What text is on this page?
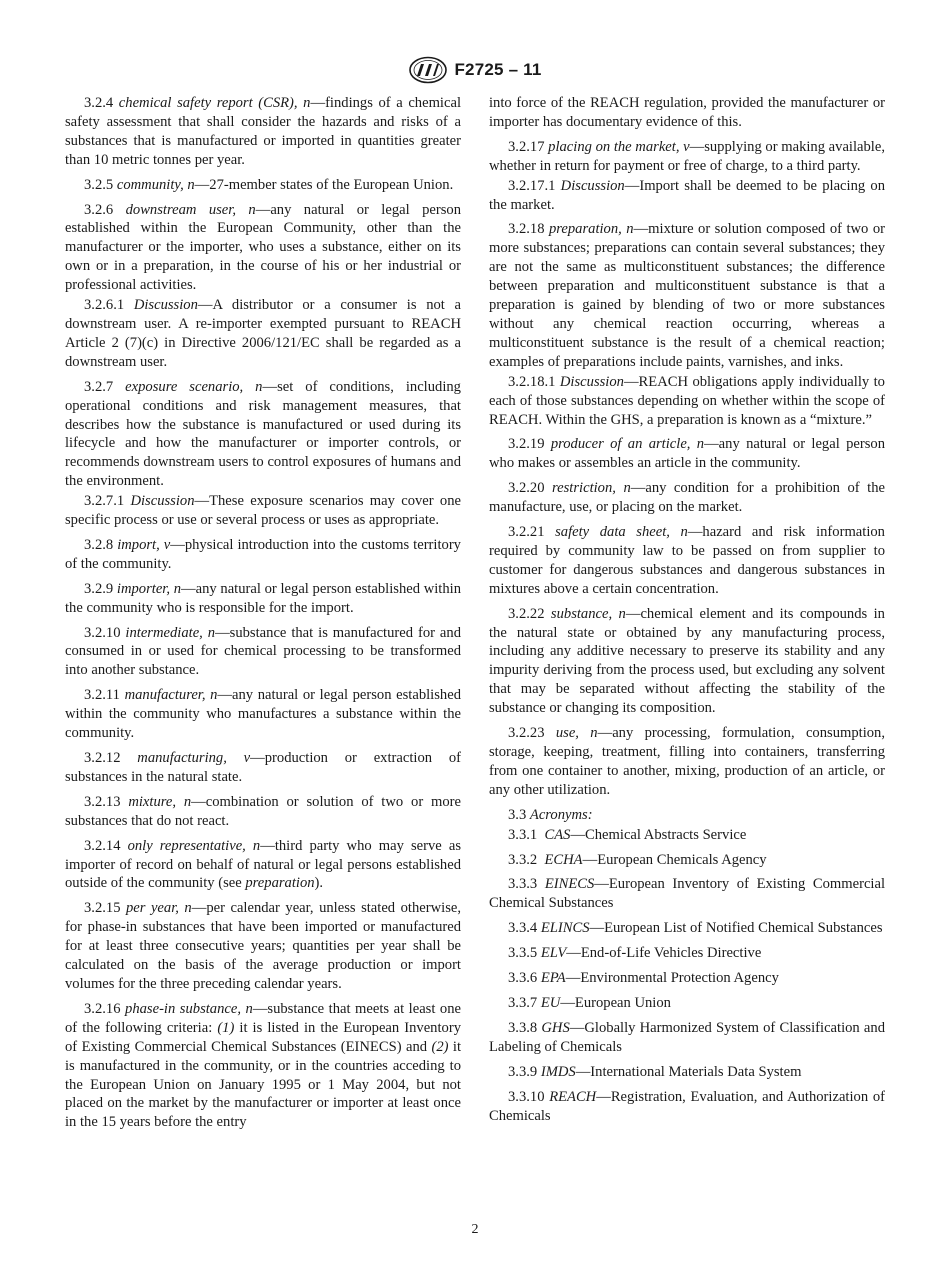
F2725 – 11

3.2.4 chemical safety report (CSR), n—findings of a chemical safety assessment that shall consider the hazards and risks of a substances that is manufactured or imported in quantities greater than 10 metric tonnes per year.

3.2.5 community, n—27-member states of the European Union.

3.2.6 downstream user, n—any natural or legal person established within the European Community, other than the manufacturer or the importer, who uses a substance, either on its own or in a preparation, in the course of his or her industrial or professional activities.

3.2.6.1 Discussion—A distributor or a consumer is not a downstream user. A re-importer exempted pursuant to REACH Article 2 (7)(c) in Directive 2006/121/EC shall be regarded as a downstream user.

3.2.7 exposure scenario, n—set of conditions, including operational conditions and risk management measures, that describes how the substance is manufactured or used during its lifecycle and how the manufacturer or importer controls, or recommends downstream users to control exposures of humans and the environment.

3.2.7.1 Discussion—These exposure scenarios may cover one specific process or use or several process or uses as appropriate.

3.2.8 import, v—physical introduction into the customs territory of the community.

3.2.9 importer, n—any natural or legal person established within the community who is responsible for the import.

3.2.10 intermediate, n—substance that is manufactured for and consumed in or used for chemical processing to be transformed into another substance.

3.2.11 manufacturer, n—any natural or legal person established within the community who manufactures a substance within the community.

3.2.12 manufacturing, v—production or extraction of substances in the natural state.

3.2.13 mixture, n—combination or solution of two or more substances that do not react.

3.2.14 only representative, n—third party who may serve as importer of record on behalf of natural or legal persons established outside of the community (see preparation).

3.2.15 per year, n—per calendar year, unless stated otherwise, for phase-in substances that have been imported or manufactured for at least three consecutive years; quantities per year shall be calculated on the basis of the average production or import volumes for the three preceding calendar years.

3.2.16 phase-in substance, n—substance that meets at least one of the following criteria: (1) it is listed in the European Inventory of Existing Commercial Chemical Substances (EINECS) and (2) it is manufactured in the community, or in the countries acceding to the European Union on January 1995 or 1 May 2004, but not placed on the market by the manufacturer or importer at least once in the 15 years before the entry

into force of the REACH regulation, provided the manufacturer or importer has documentary evidence of this.

3.2.17 placing on the market, v—supplying or making available, whether in return for payment or free of charge, to a third party.

3.2.17.1 Discussion—Import shall be deemed to be placing on the market.

3.2.18 preparation, n—mixture or solution composed of two or more substances; preparations can contain several substances; they are not the same as multiconstituent substances; the difference between preparation and multiconstituent substance is that a preparation is gained by blending of two or more substances without any chemical reaction occurring, whereas a multiconstituent substance is the result of a chemical reaction; examples of preparations include paints, varnishes, and inks.

3.2.18.1 Discussion—REACH obligations apply individually to each of those substances depending on whether within the scope of REACH. Within the GHS, a preparation is known as a “mixture.”

3.2.19 producer of an article, n—any natural or legal person who makes or assembles an article in the community.

3.2.20 restriction, n—any condition for a prohibition of the manufacture, use, or placing on the market.

3.2.21 safety data sheet, n—hazard and risk information required by community law to be passed on from supplier to customer for dangerous substances and dangerous substances in mixtures above a certain concentration.

3.2.22 substance, n—chemical element and its compounds in the natural state or obtained by any manufacturing process, including any additive necessary to preserve its stability and any impurity deriving from the process used, but excluding any solvent that may be separated without affecting the stability of the substance or changing its composition.

3.2.23 use, n—any processing, formulation, consumption, storage, keeping, treatment, filling into containers, transferring from one container to another, mixing, production of an article, or any other utilization.

3.3 Acronyms:

3.3.1 CAS—Chemical Abstracts Service

3.3.2 ECHA—European Chemicals Agency

3.3.3 EINECS—European Inventory of Existing Commercial Chemical Substances

3.3.4 ELINCS—European List of Notified Chemical Substances

3.3.5 ELV—End-of-Life Vehicles Directive

3.3.6 EPA—Environmental Protection Agency

3.3.7 EU—European Union

3.3.8 GHS—Globally Harmonized System of Classification and Labeling of Chemicals

3.3.9 IMDS—International Materials Data System

3.3.10 REACH—Registration, Evaluation, and Authorization of Chemicals

2
